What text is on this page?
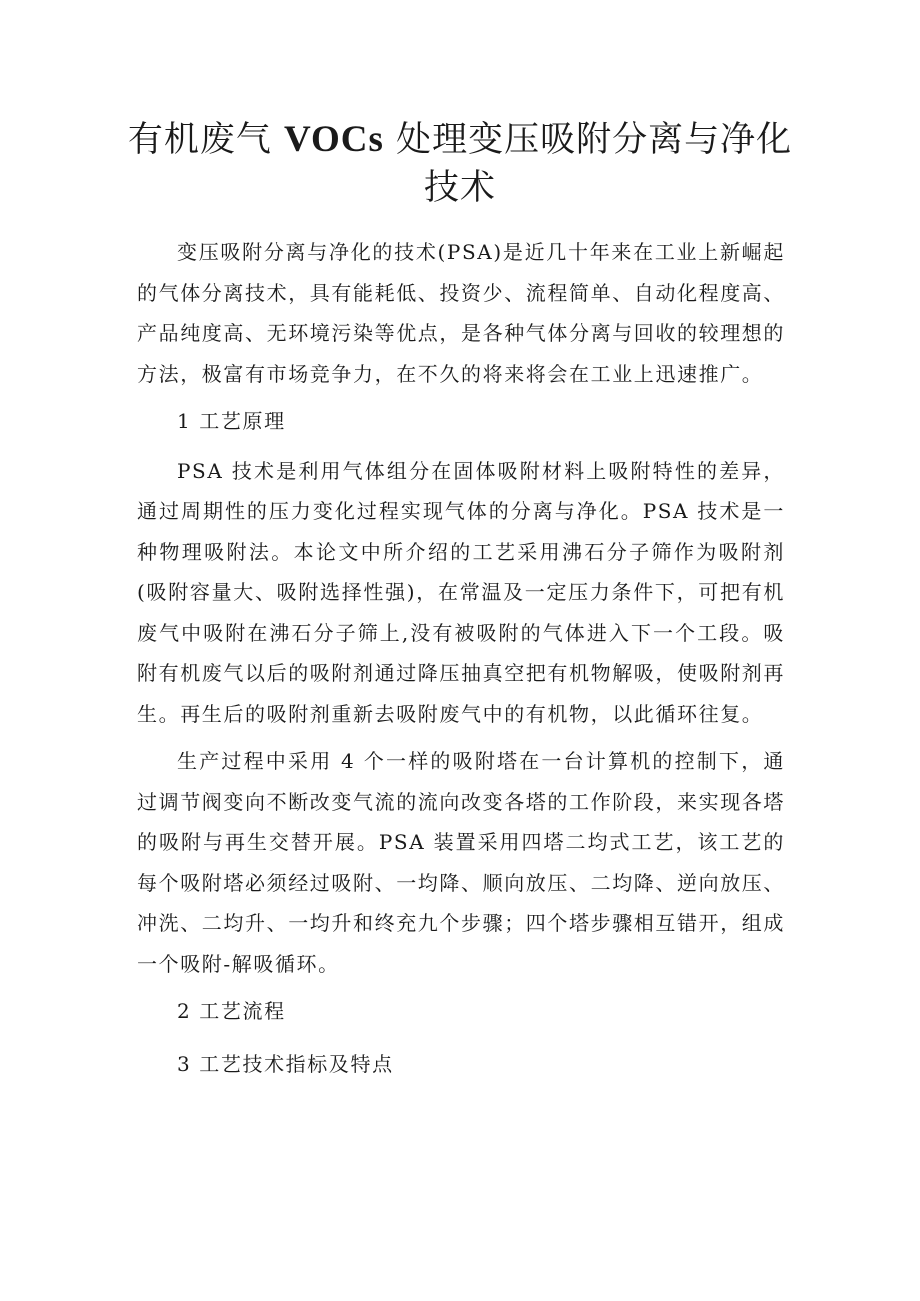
有机废气 VOCs 处理变压吸附分离与净化技术

变压吸附分离与净化的技术(PSA)是近几十年来在工业上新崛起的气体分离技术，具有能耗低、投资少、流程简单、自动化程度高、产品纯度高、无环境污染等优点，是各种气体分离与回收的较理想的方法，极富有市场竞争力，在不久的将来将会在工业上迅速推广。

1 工艺原理

PSA 技术是利用气体组分在固体吸附材料上吸附特性的差异，通过周期性的压力变化过程实现气体的分离与净化。PSA 技术是一种物理吸附法。本论文中所介绍的工艺采用沸石分子筛作为吸附剂(吸附容量大、吸附选择性强)，在常温及一定压力条件下，可把有机废气中吸附在沸石分子筛上,没有被吸附的气体进入下一个工段。吸附有机废气以后的吸附剂通过降压抽真空把有机物解吸，使吸附剂再生。再生后的吸附剂重新去吸附废气中的有机物，以此循环往复。

生产过程中采用 4 个一样的吸附塔在一台计算机的控制下，通过调节阀变向不断改变气流的流向改变各塔的工作阶段，来实现各塔的吸附与再生交替开展。PSA 装置采用四塔二均式工艺，该工艺的每个吸附塔必须经过吸附、一均降、顺向放压、二均降、逆向放压、冲洗、二均升、一均升和终充九个步骤；四个塔步骤相互错开，组成一个吸附-解吸循环。

2 工艺流程

3 工艺技术指标及特点
